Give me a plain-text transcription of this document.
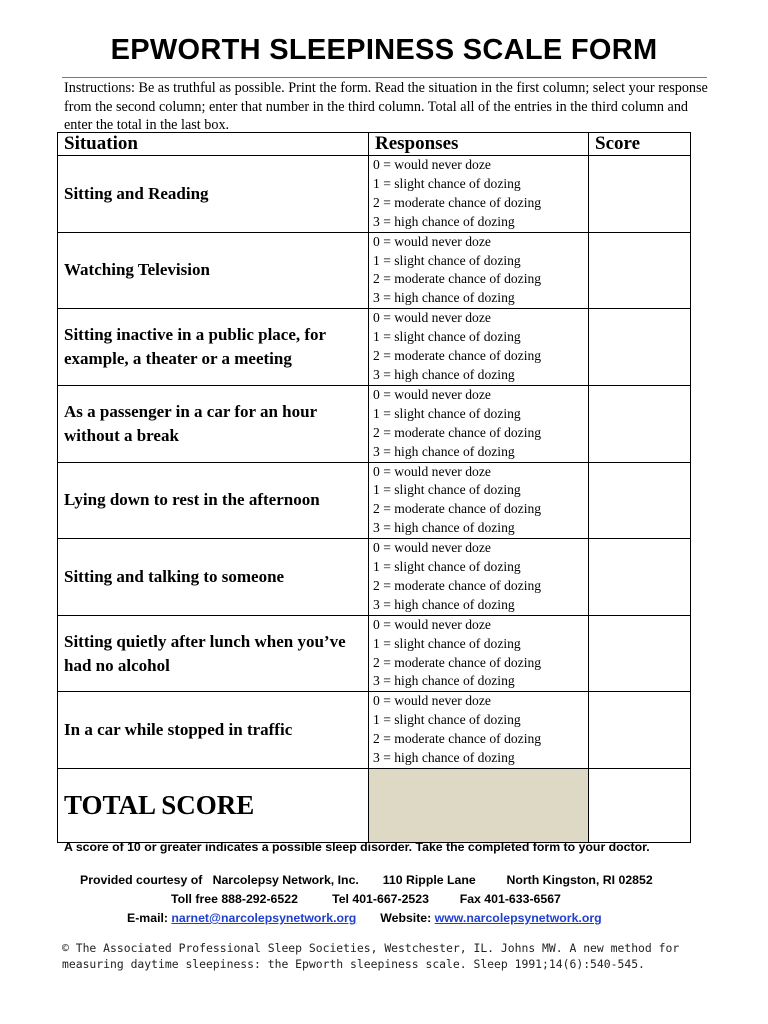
EPWORTH SLEEPINESS SCALE FORM

Instructions: Be as truthful as possible. Print the form. Read the situation in the first column; select your response from the second column; enter that number in the third column. Total all of the entries in the third column and enter the total in the last box.

Situation	Responses	Score
Sitting and Reading	0 = would never doze
1 = slight chance of dozing
2 = moderate chance of dozing
3 = high chance of dozing	

Watching Television	0 = would never doze
1 = slight chance of dozing
2 = moderate chance of dozing
3 = high chance of dozing	

Sitting inactive in a public place, for example, a theater or a meeting	0 = would never doze
1 = slight chance of dozing
2 = moderate chance of dozing
3 = high chance of dozing	

As a passenger in a car for an hour without a break	0 = would never doze
1 = slight chance of dozing
2 = moderate chance of dozing
3 = high chance of dozing	

Lying down to rest in the afternoon	0 = would never doze
1 = slight chance of dozing
2 = moderate chance of dozing
3 = high chance of dozing	

Sitting and talking to someone	0 = would never doze
1 = slight chance of dozing
2 = moderate chance of dozing
3 = high chance of dozing	

Sitting quietly after lunch when you’ve had no alcohol	0 = would never doze
1 = slight chance of dozing
2 = moderate chance of dozing
3 = high chance of dozing	

In a car while stopped in traffic	0 = would never doze
1 = slight chance of dozing
2 = moderate chance of dozing
3 = high chance of dozing	

TOTAL SCORE		

A score of 10 or greater indicates a possible sleep disorder. Take the completed form to your doctor.

Provided courtesy of Narcolepsy Network, Inc. 110 Ripple Lane	North Kingston, RI 02852
Toll free 888-292-6522	Tel 401-667-2523	Fax 401-633-6567
E-mail: narnet@narcolepsynetwork.org Website: www.narcolepsynetwork.org

© The Associated Professional Sleep Societies, Westchester, IL. Johns MW. A new method for measuring daytime sleepiness: the Epworth sleepiness scale. Sleep 1991;14(6):540-545.
